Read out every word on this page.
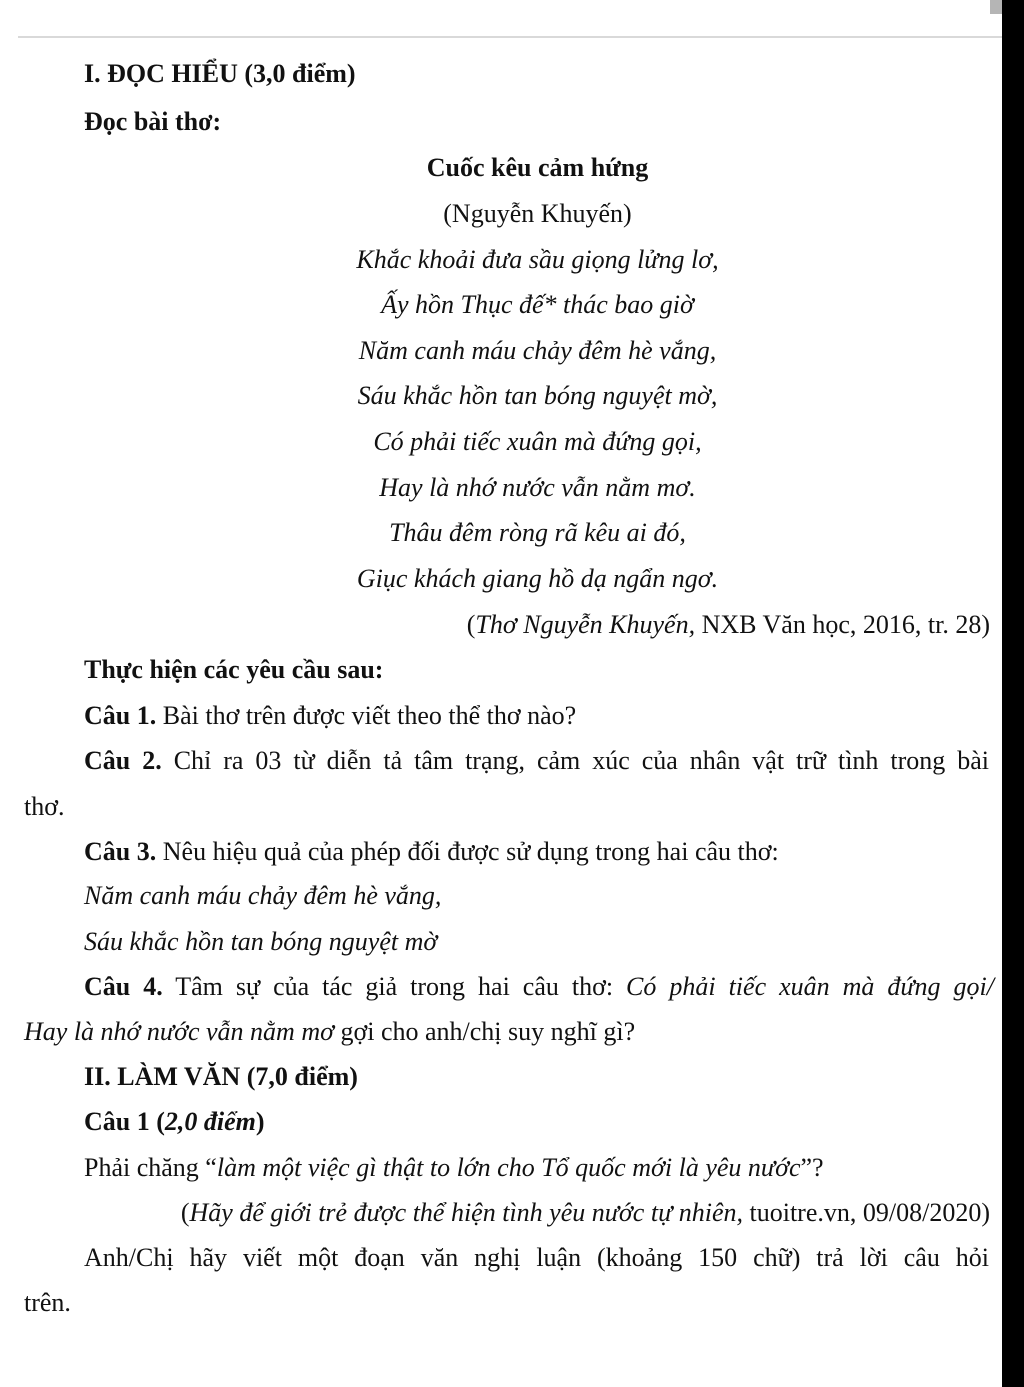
I. ĐỌC HIỂU (3,0 điểm)
Đọc bài thơ:
Cuốc kêu cảm hứng
(Nguyễn Khuyến)
Khắc khoải đưa sầu giọng lửng lơ,
Ấy hồn Thục đế* thác bao giờ
Năm canh máu chảy đêm hè vắng,
Sáu khắc hồn tan bóng nguyệt mờ,
Có phải tiếc xuân mà đứng gọi,
Hay là nhớ nước vẫn nằm mơ.
Thâu đêm ròng rã kêu ai đó,
Giục khách giang hồ dạ ngẩn ngơ.
(Thơ Nguyễn Khuyến, NXB Văn học, 2016, tr. 28)
Thực hiện các yêu cầu sau:
Câu 1. Bài thơ trên được viết theo thể thơ nào?
Câu 2. Chỉ ra 03 từ diễn tả tâm trạng, cảm xúc của nhân vật trữ tình trong bài
thơ.
Câu 3. Nêu hiệu quả của phép đối được sử dụng trong hai câu thơ:
Năm canh máu chảy đêm hè vắng,
Sáu khắc hồn tan bóng nguyệt mờ
Câu 4. Tâm sự của tác giả trong hai câu thơ: Có phải tiếc xuân mà đứng gọi/
Hay là nhớ nước vẫn nằm mơ gợi cho anh/chị suy nghĩ gì?
II. LÀM VĂN (7,0 điểm)
Câu 1 (2,0 điểm)
Phải chăng “làm một việc gì thật to lớn cho Tổ quốc mới là yêu nước”?
(Hãy để giới trẻ được thể hiện tình yêu nước tự nhiên, tuoitre.vn, 09/08/2020)
Anh/Chị hãy viết một đoạn văn nghị luận (khoảng 150 chữ) trả lời câu hỏi
trên.
